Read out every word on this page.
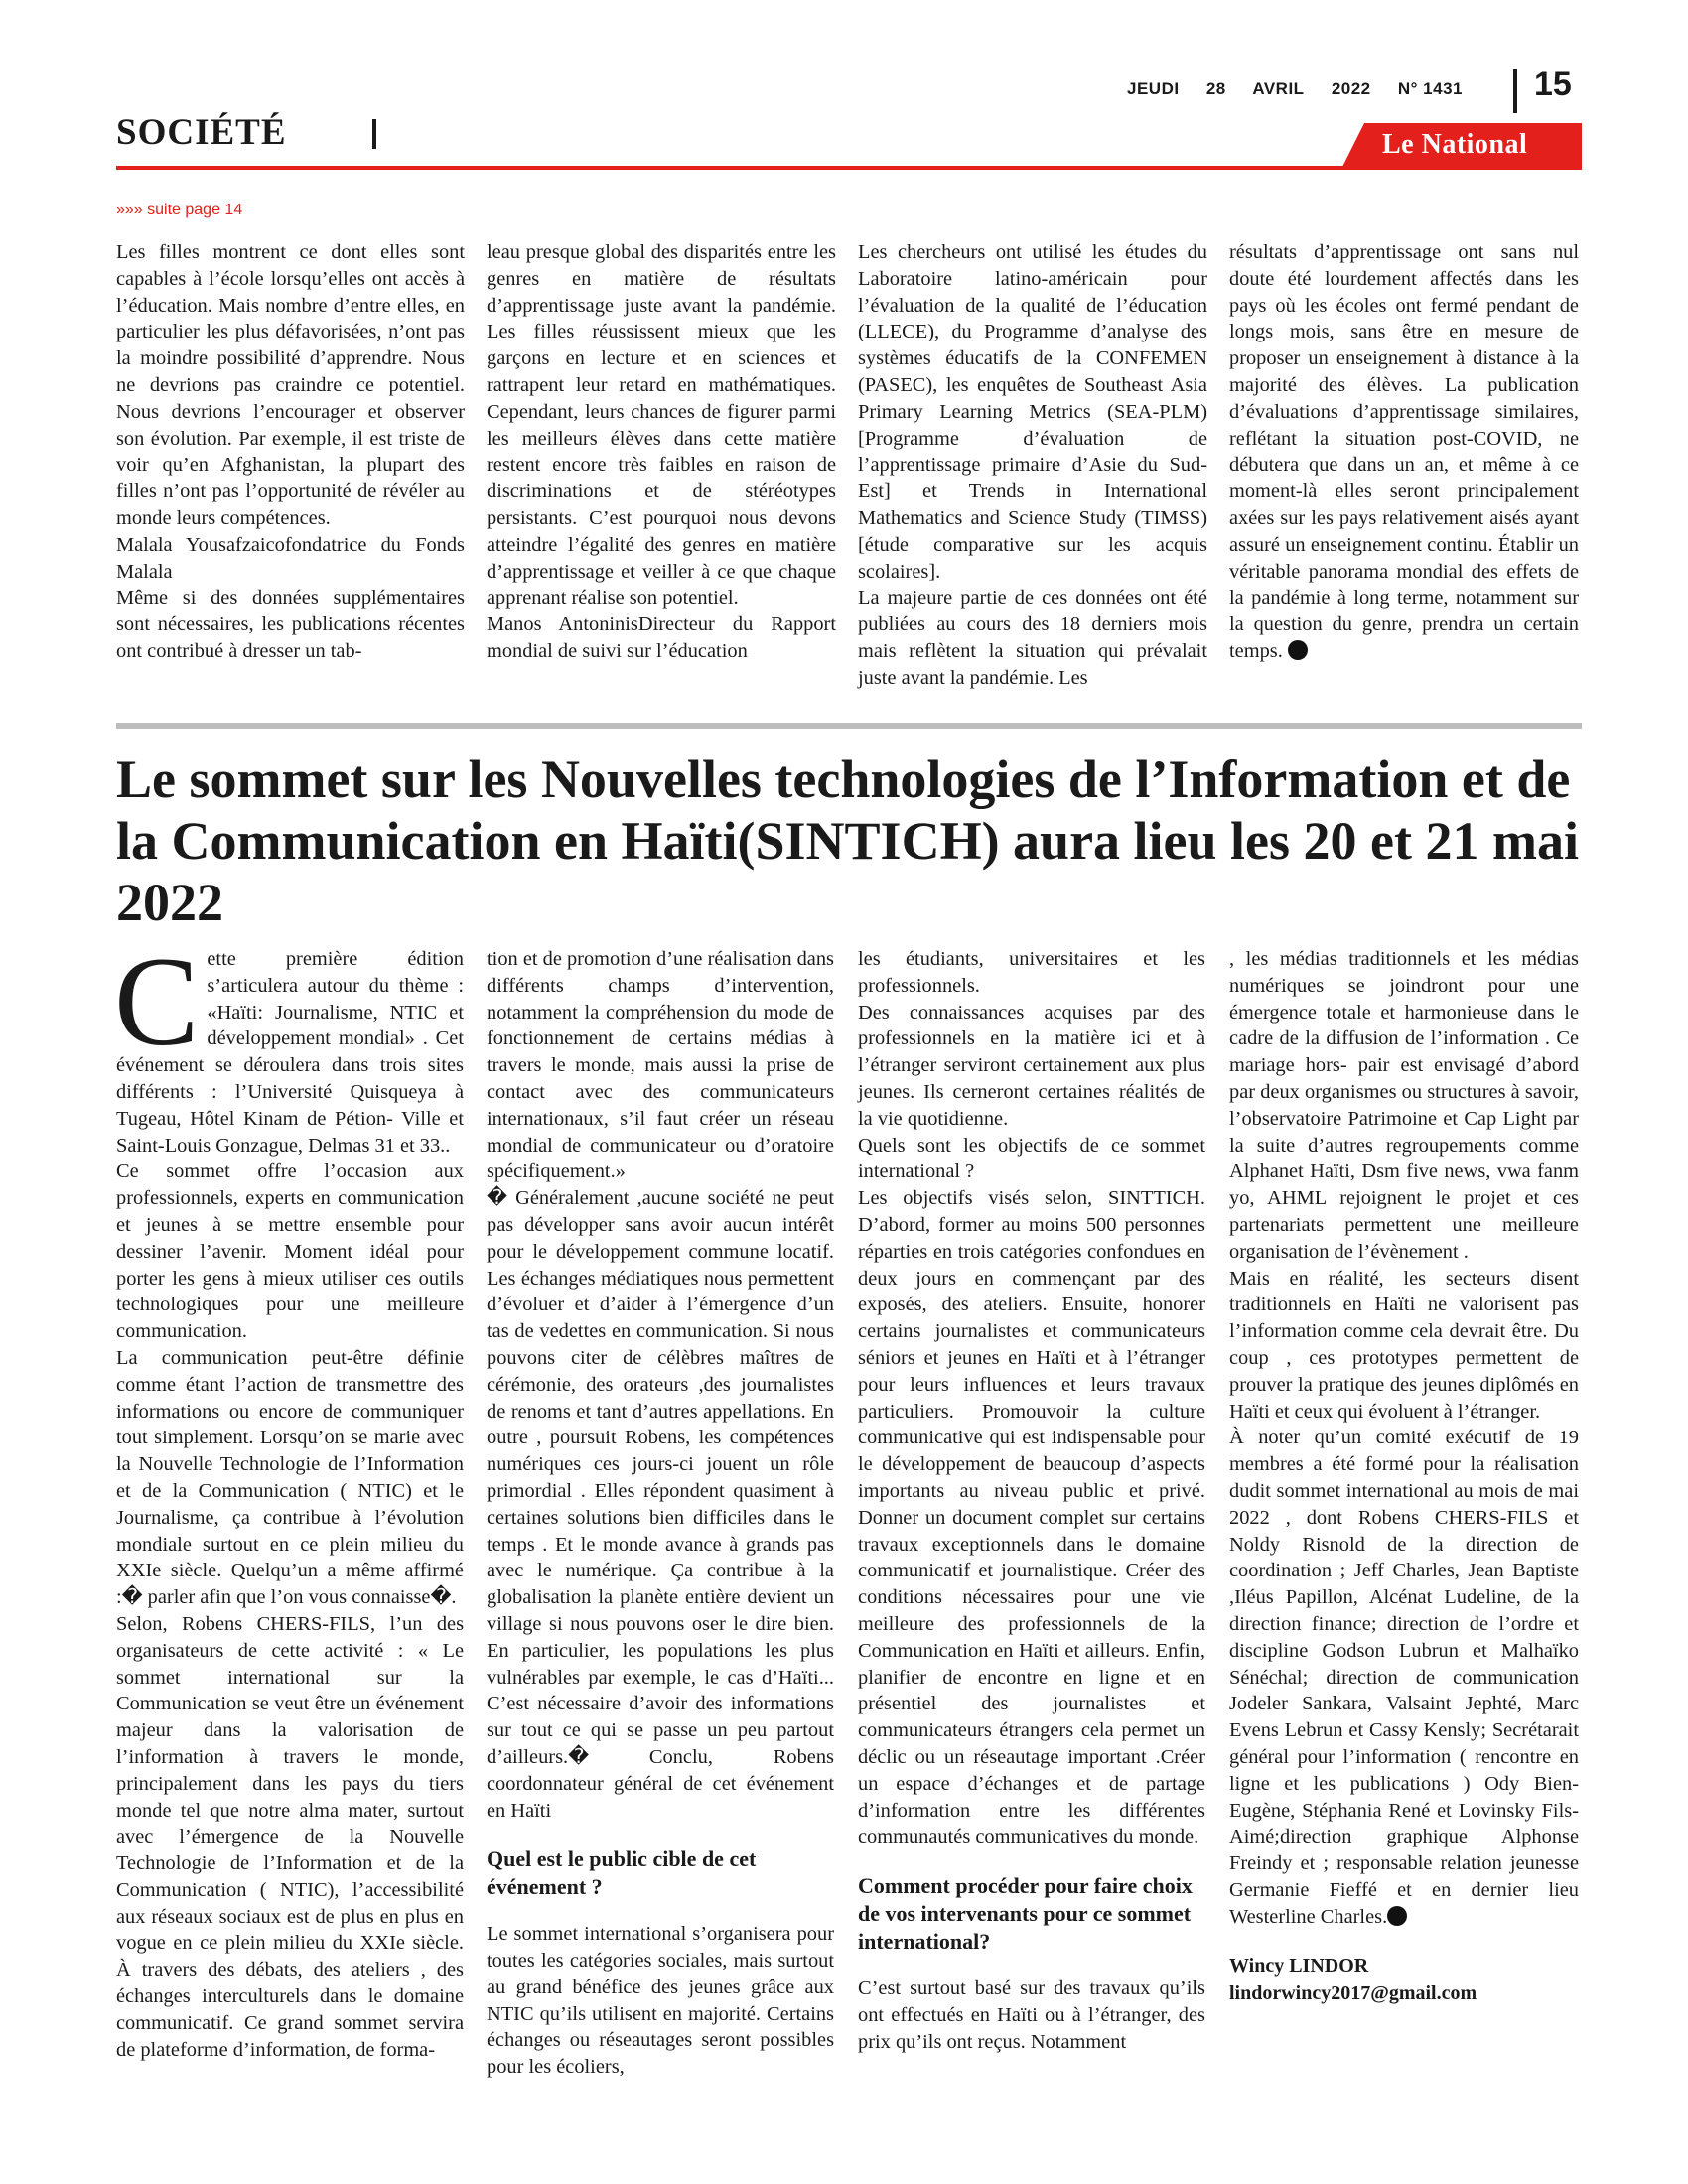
JEUDI 28 AVRIL 2022 N° 1431	15
SOCIÉTÉ	Le National
»»» suite page 14

Les filles montrent ce dont elles sont capables à l’école lorsqu’elles ont accès à l’éducation. Mais nombre d’entre elles, en particulier les plus défavorisées, n’ont pas la moindre possibilité d’apprendre. Nous ne devrions pas craindre ce potentiel. Nous devrions l’encourager et observer son évolution. Par exemple, il est triste de voir qu’en Afghanistan, la plupart des filles n’ont pas l’opportunité de révéler au monde leurs compétences.

Malala Yousafzaicofondatrice du Fonds Malala

Même si des données supplémentaires sont nécessaires, les publications récentes ont contribué à dresser un tab-

leau presque global des disparités entre les genres en matière de résultats d’apprentissage juste avant la pandémie. Les filles réussissent mieux que les garçons en lecture et en sciences et rattrapent leur retard en mathématiques. Cependant, leurs chances de figurer parmi les meilleurs élèves dans cette matière restent encore très faibles en raison de discriminations et de stéréotypes persistants. C’est pourquoi nous devons atteindre l’égalité des genres en matière d’apprentissage et veiller à ce que chaque apprenant réalise son potentiel.

Manos AntoninisDirecteur du Rapport mondial de suivi sur l’éducation

Les chercheurs ont utilisé les études du Laboratoire latino-américain pour l’évaluation de la qualité de l’éducation (LLECE), du Programme d’analyse des systèmes éducatifs de la CONFEMEN (PASEC), les enquêtes de Southeast Asia Primary Learning Metrics (SEA-PLM) [Programme d’évaluation de l’apprentissage primaire d’Asie du Sud-Est] et Trends in International Mathematics and Science Study (TIMSS) [étude comparative sur les acquis scolaires].

La majeure partie de ces données ont été publiées au cours des 18 derniers mois mais reflètent la situation qui prévalait juste avant la pandémie. Les

résultats d’apprentissage ont sans nul doute été lourdement affectés dans les pays où les écoles ont fermé pendant de longs mois, sans être en mesure de proposer un enseignement à distance à la majorité des élèves. La publication d’évaluations d’apprentissage similaires, reflétant la situation post-COVID, ne débutera que dans un an, et même à ce moment-là elles seront principalement axées sur les pays relativement aisés ayant assuré un enseignement continu. Établir un véritable panorama mondial des effets de la pandémie à long terme, notamment sur la question du genre, prendra un certain temps.

Le sommet sur les Nouvelles technologies de l’Information et de la Communication en Haïti(SINTICH) aura lieu les 20 et 21 mai 2022

Cette première édition s’articulera autour du thème : «Haïti: Journalisme, NTIC et développement mondial» . Cet événement se déroulera dans trois sites différents : l’Université Quisqueya à Tugeau, Hôtel Kinam de Pétion- Ville et Saint-Louis Gonzague, Delmas 31 et 33..

Ce sommet offre l’occasion aux professionnels, experts en communication et jeunes à se mettre ensemble pour dessiner l’avenir. Moment idéal pour porter les gens à mieux utiliser ces outils technologiques pour une meilleure communication.

La communication peut-être définie comme étant l’action de transmettre des informations ou encore de communiquer tout simplement. Lorsqu’on se marie avec la Nouvelle Technologie de l’Information et de la Communication ( NTIC) et le Journalisme, ça contribue à l’évolution mondiale surtout en ce plein milieu du XXIe siècle. Quelqu’un a même affirmé :� parler afin que l’on vous connaisse�.

Selon, Robens CHERS-FILS, l’un des organisateurs de cette activité : « Le sommet international sur la Communication se veut être un événement majeur dans la valorisation de l’information à travers le monde, principalement dans les pays du tiers monde tel que notre alma mater, surtout avec l’émergence de la Nouvelle Technologie de l’Information et de la Communication ( NTIC), l’accessibilité aux réseaux sociaux est de plus en plus en vogue en ce plein milieu du XXIe siècle. À travers des débats, des ateliers , des échanges interculturels dans le domaine communicatif. Ce grand sommet servira de plateforme d’information, de forma-

tion et de promotion d’une réalisation dans différents champs d’intervention, notamment la compréhension du mode de fonctionnement de certains médias à travers le monde, mais aussi la prise de contact avec des communicateurs internationaux, s’il faut créer un réseau mondial de communicateur ou d’oratoire spécifiquement.»

� Généralement ,aucune société ne peut pas développer sans avoir aucun intérêt pour le développement commune locatif. Les échanges médiatiques nous permettent d’évoluer et d’aider à l’émergence d’un tas de vedettes en communication. Si nous pouvons citer de célèbres maîtres de cérémonie, des orateurs ,des journalistes de renoms et tant d’autres appellations. En outre , poursuit Robens, les compétences numériques ces jours-ci jouent un rôle primordial . Elles répondent quasiment à certaines solutions bien difficiles dans le temps . Et le monde avance à grands pas avec le numérique. Ça contribue à la globalisation la planète entière devient un village si nous pouvons oser le dire bien. En particulier, les populations les plus vulnérables par exemple, le cas d’Haïti... C’est nécessaire d’avoir des informations sur tout ce qui se passe un peu partout d’ailleurs.� Conclu, Robens coordonnateur général de cet événement en Haïti

Quel est le public cible de cet événement ?

Le sommet international s’organisera pour toutes les catégories sociales, mais surtout au grand bénéfice des jeunes grâce aux NTIC qu’ils utilisent en majorité. Certains échanges ou réseautages seront possibles pour les écoliers,

les étudiants, universitaires et les professionnels.

Des connaissances acquises par des professionnels en la matière ici et à l’étranger serviront certainement aux plus jeunes. Ils cerneront certaines réalités de la vie quotidienne.

Quels sont les objectifs de ce sommet international ?

Les objectifs visés selon, SINTTICH. D’abord, former au moins 500 personnes réparties en trois catégories confondues en deux jours en commençant par des exposés, des ateliers. Ensuite, honorer certains journalistes et communicateurs séniors et jeunes en Haïti et à l’étranger pour leurs influences et leurs travaux particuliers. Promouvoir la culture communicative qui est indispensable pour le développement de beaucoup d’aspects importants au niveau public et privé. Donner un document complet sur certains travaux exceptionnels dans le domaine communicatif et journalistique. Créer des conditions nécessaires pour une vie meilleure des professionnels de la Communication en Haïti et ailleurs. Enfin, planifier de encontre en ligne et en présentiel des journalistes et communicateurs étrangers cela permet un déclic ou un réseautage important .Créer un espace d’échanges et de partage d’information entre les différentes communautés communicatives du monde.

Comment procéder pour faire choix de vos intervenants pour ce sommet international?

C’est surtout basé sur des travaux qu’ils ont effectués en Haïti ou à l’étranger, des prix qu’ils ont reçus. Notamment

, les médias traditionnels et les médias numériques se joindront pour une émergence totale et harmonieuse dans le cadre de la diffusion de l’information . Ce mariage hors- pair est envisagé d’abord par deux organismes ou structures à savoir, l’observatoire Patrimoine et Cap Light par la suite d’autres regroupements comme Alphanet Haïti, Dsm five news, vwa fanm yo, AHML rejoignent le projet et ces partenariats permettent une meilleure organisation de l’évènement .

Mais en réalité, les secteurs disent traditionnels en Haïti ne valorisent pas l’information comme cela devrait être. Du coup , ces prototypes permettent de prouver la pratique des jeunes diplômés en Haïti et ceux qui évoluent à l’étranger.

À noter qu’un comité exécutif de 19 membres a été formé pour la réalisation dudit sommet international au mois de mai 2022 , dont Robens CHERS-FILS et Noldy Risnold de la direction de coordination ; Jeff Charles, Jean Baptiste ,Iléus Papillon, Alcénat Ludeline, de la direction finance; direction de l’ordre et discipline Godson Lubrun et Malhaïko Sénéchal; direction de communication Jodeler Sankara, Valsaint Jephté, Marc Evens Lebrun et Cassy Kensly; Secrétarait général pour l’information ( rencontre en ligne et les publications ) Ody Bien-Eugène, Stéphania René et Lovinsky Fils-Aimé;direction graphique Alphonse Freindy et ; responsable relation jeunesse Germanie Fieffé et en dernier lieu Westerline Charles.

Wincy LINDOR
lindorwincy2017@gmail.com
